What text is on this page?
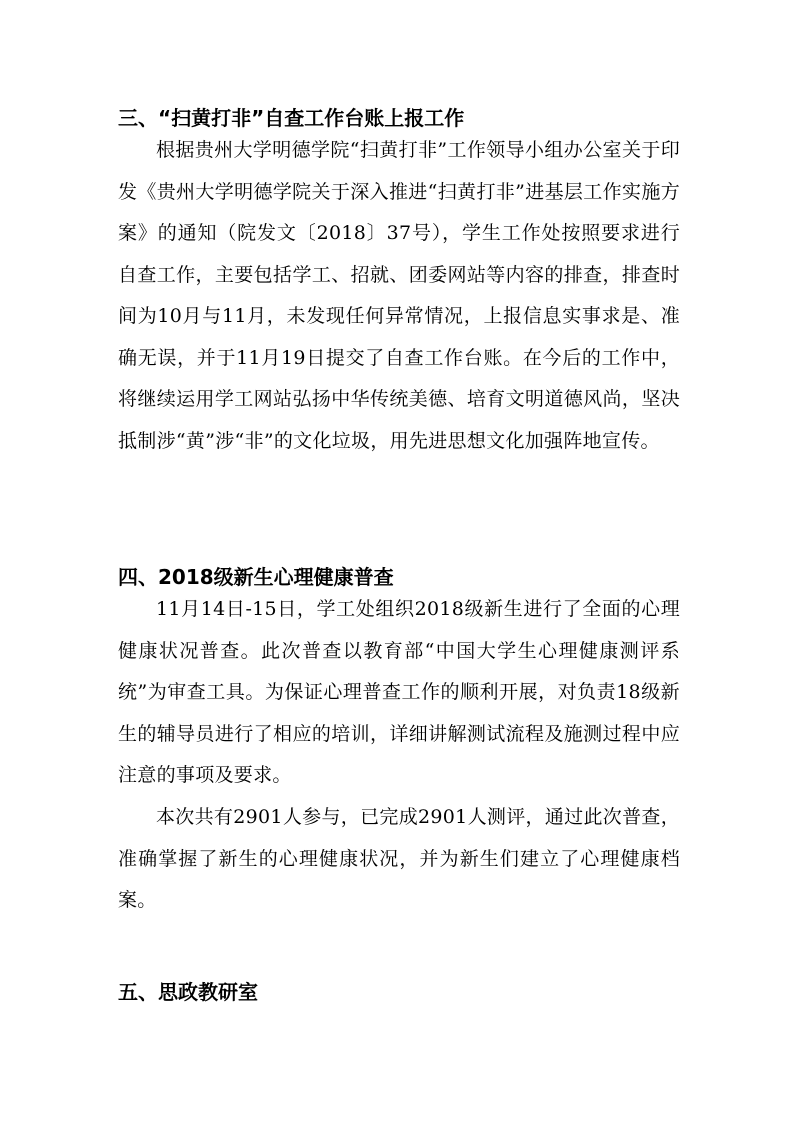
三、“扫黄打非”自查工作台账上报工作

根据贵州大学明德学院“扫黄打非”工作领导小组办公室关于印发《贵州大学明德学院关于深入推进“扫黄打非”进基层工作实施方案》的通知（院发文〔2018〕37号），学生工作处按照要求进行自查工作，主要包括学工、招就、团委网站等内容的排查，排查时间为10月与11月，未发现任何异常情况，上报信息实事求是、准确无误，并于11月19日提交了自查工作台账。在今后的工作中，将继续运用学工网站弘扬中华传统美德、培育文明道德风尚，坚决抵制涉“黄”涉“非”的文化垃圾，用先进思想文化加强阵地宣传。

四、2018级新生心理健康普查

11月14日-15日，学工处组织2018级新生进行了全面的心理健康状况普查。此次普查以教育部“中国大学生心理健康测评系统”为审查工具。为保证心理普查工作的顺利开展，对负责18级新生的辅导员进行了相应的培训，详细讲解测试流程及施测过程中应注意的事项及要求。

本次共有2901人参与，已完成2901人测评，通过此次普查，准确掌握了新生的心理健康状况，并为新生们建立了心理健康档案。

五、思政教研室
